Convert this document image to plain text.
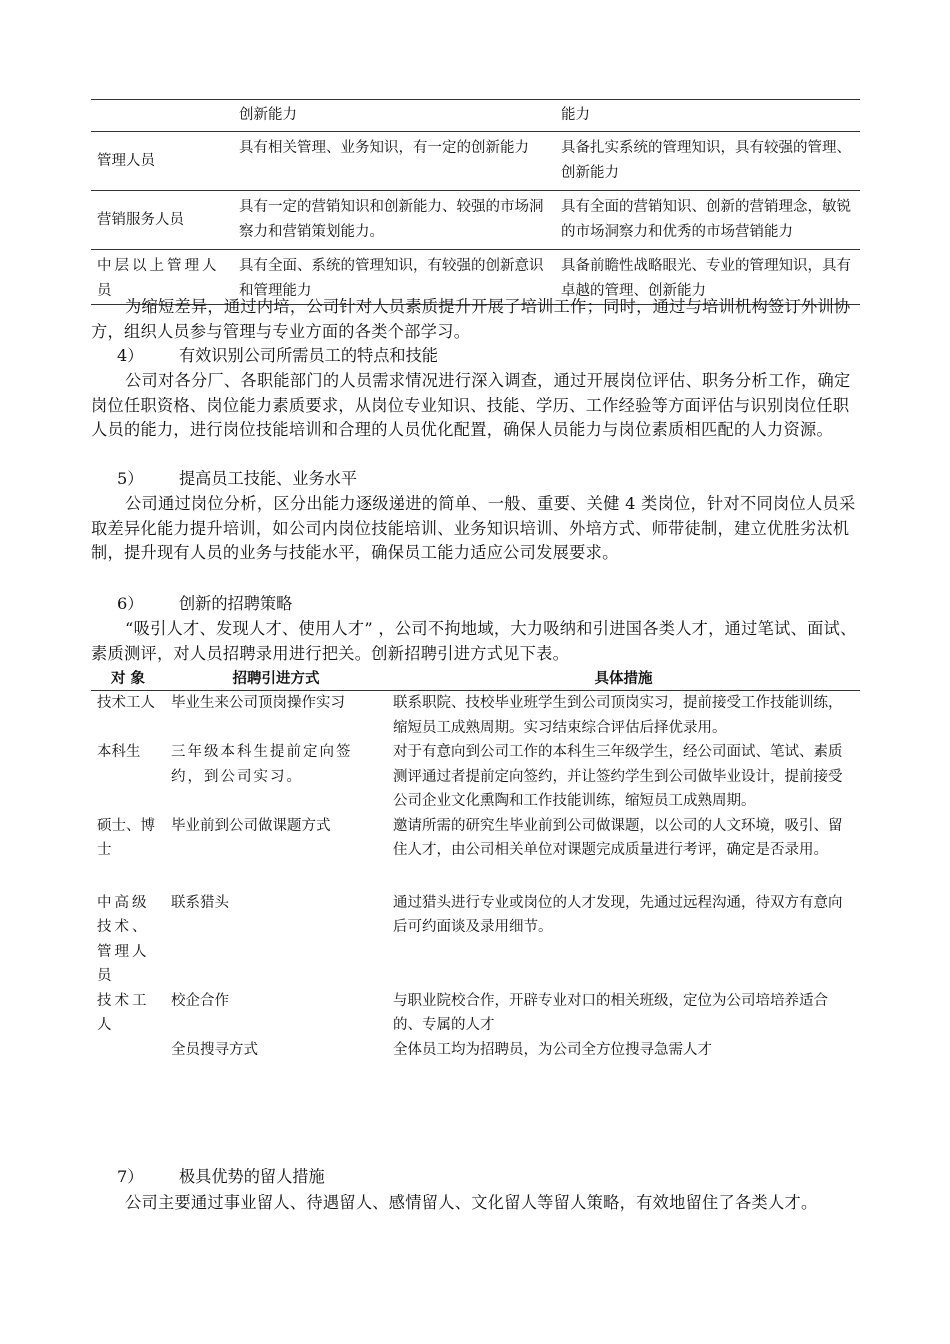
	创新能力	能力
管理人员	具有相关管理、业务知识，有一定的创新能力	具备扎实系统的管理知识，具有较强的管理、创新能力
营销服务人员	具有一定的营销知识和创新能力、较强的市场洞察力和营销策划能力。	具有全面的营销知识、创新的营销理念，敏锐的市场洞察力和优秀的市场营销能力
中层以上管理人员	具有全面、系统的管理知识，有较强的创新意识和管理能力	具备前瞻性战略眼光、专业的管理知识，具有卓越的管理、创新能力

为缩短差异，通过内培，公司针对人员素质提升开展了培训工作；同时，通过与培训机构签订外训协方，组织人员参与管理与专业方面的各类个部学习。

4） 有效识别公司所需员工的特点和技能

公司对各分厂、各职能部门的人员需求情况进行深入调查，通过开展岗位评估、职务分析工作，确定岗位任职资格、岗位能力素质要求，从岗位专业知识、技能、学历、工作经验等方面评估与识别岗位任职人员的能力，进行岗位技能培训和合理的人员优化配置，确保人员能力与岗位素质相匹配的人力资源。

5） 提高员工技能、业务水平

公司通过岗位分析，区分出能力逐级递进的简单、一般、重要、关健 4 类岗位，针对不同岗位人员采取差异化能力提升培训，如公司内岗位技能培训、业务知识培训、外培方式、师带徒制，建立优胜劣汰机制，提升现有人员的业务与技能水平，确保员工能力适应公司发展要求。

6） 创新的招聘策略

“吸引人才、发现人才、使用人才” ，公司不拘地域，大力吸纳和引进国各类人才，通过笔试、面试、素质测评，对人员招聘录用进行把关。创新招聘引进方式见下表。

对 象	招聘引进方式	具体措施
技术工人	毕业生来公司顶岗操作实习	联系职院、技校毕业班学生到公司顶岗实习，提前接受工作技能训练，缩短员工成熟周期。实习结束综合评估后择优录用。
本科生	三年级本科生提前定向签约，到公司实习。	对于有意向到公司工作的本科生三年级学生，经公司面试、笔试、素质测评通过者提前定向签约，并让签约学生到公司做毕业设计，提前接受公司企业文化熏陶和工作技能训练，缩短员工成熟周期。
硕士、博士	毕业前到公司做课题方式	邀请所需的研究生毕业前到公司做课题，以公司的人文环境，吸引、留住人才，由公司相关单位对课题完成质量进行考评，确定是否录用。
中高级技术、管理人员	联系猎头	通过猎头进行专业或岗位的人才发现，先通过远程沟通，待双方有意向后可约面谈及录用细节。
技术工人	校企合作	与职业院校合作，开辟专业对口的相关班级，定位为公司培培养适合的、专属的人才
	全员搜寻方式	全体员工均为招聘员，为公司全方位搜寻急需人才

7） 极具优势的留人措施

公司主要通过事业留人、待遇留人、感情留人、文化留人等留人策略，有效地留住了各类人才。
